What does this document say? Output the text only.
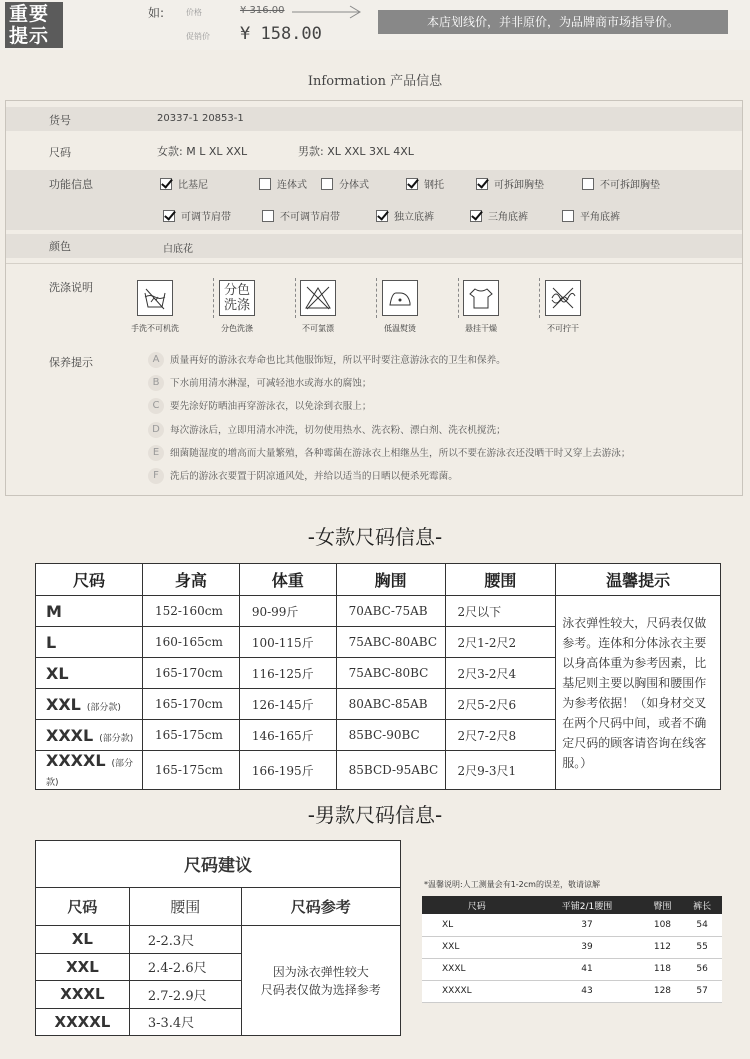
重要
提示
如:	价格	¥ 316.00
促销价 ¥ 158.00
本店划线价，并非原价，为品牌商市场指导价。
Information 产品信息
货号	20337-1 20853-1
尺码	女款: M L XL XXL	男款: XL XXL 3XL 4XL
功能信息
颜色	白底花
洗涤说明
保养提示
-女款尺码信息-
尺码	身高	体重	胸围	腰围	温馨提示
M	152-160cm	90-99斤	70ABC-75AB	2尺以下	泳衣弹性较大，尺码表仅做参考。连体和分体泳衣主要以身高体重为参考因素，比基尼则主要以胸围和腰围作为参考依据！（如身材交叉在两个尺码中间，或者不确定尺码的顾客请咨询在线客服。）
L	160-165cm	100-115斤	75ABC-80ABC	2尺1-2尺2	
XL	165-170cm	116-125斤	75ABC-80BC	2尺3-2尺4	
XXL (部分款)	165-170cm	126-145斤	80ABC-85AB	2尺5-2尺6	
XXXL (部分款)	165-175cm	146-165斤	85BC-90BC	2尺7-2尺8	
XXXXL (部分款)	165-175cm	166-195斤	85BCD-95ABC	2尺9-3尺1	
-男款尺码信息-
尺码建议		
尺码	腰围	尺码参考
XL	2-2.3尺	因为泳衣弹性较大
尺码表仅做为选择参考
XXL	2.4-2.6尺	
XXXL	2.7-2.9尺	
XXXXL	3-3.4尺	
*温馨说明:人工测量会有1-2cm的误差，敬请谅解
尺码	平铺2/1腰围	臀围	裤长
XL	37	108	54
XXL	39	112	55
XXXL	41	118	56
XXXXL	43	128	57
比基尼	连体式	分体式	钢托	可拆卸胸垫	不可拆卸胸垫
可调节肩带	不可调节肩带	独立底裤	三角底裤	平角底裤
手洗不可机洗
分色
洗涤
分色洗涤	不可氯漂	低温熨烫	悬挂干燥	不可拧干
A 质量再好的游泳衣寿命也比其他服饰短，所以平时要注意游泳衣的卫生和保养。
B 下水前用清水淋湿，可减轻池水或海水的腐蚀；
C 要先涂好防晒油再穿游泳衣，以免涂到衣服上；
D 每次游泳后，立即用清水冲洗，切勿使用热水、洗衣粉、漂白剂、洗衣机搅洗；
E 细菌随湿度的增高而大量繁殖，各种霉菌在游泳衣上相继丛生，所以不要在游泳衣还没晒干时又穿上去游泳；
F 洗后的游泳衣要置于阴凉通风处，并给以适当的日晒以便杀死霉菌。
